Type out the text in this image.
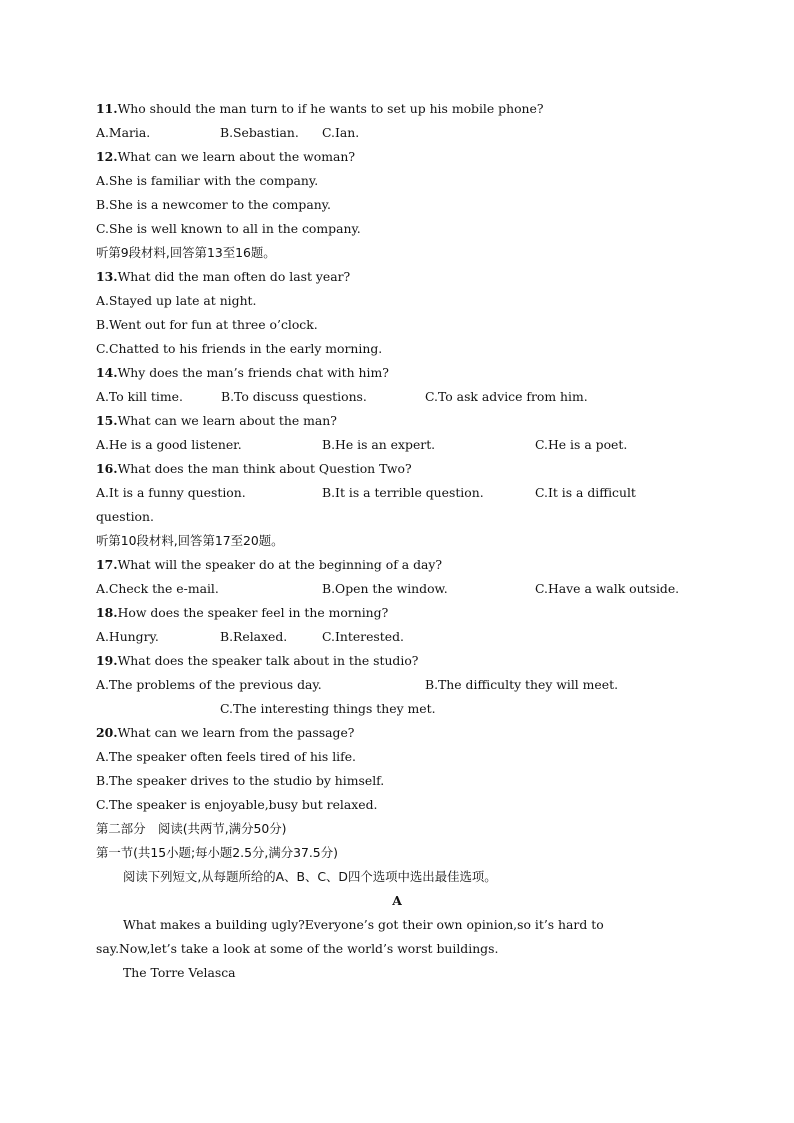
11.Who should the man turn to if he wants to set up his mobile phone?
A.Maria.	B.Sebastian. C.Ian.
12.What can we learn about the woman?
A.She is familiar with the company.
B.She is a newcomer to the company.
C.She is well known to all in the company.
听第9段材料,回答第13至16题。
13.What did the man often do last year?
A.Stayed up late at night.
B.Went out for fun at three o’clock.
C.Chatted to his friends in the early morning.
14.Why does the man’s friends chat with him?
A.To kill time.	B.To discuss questions.	C.To ask advice from him.
15.What can we learn about the man?
A.He is a good listener.	B.He is an expert.	C.He is a poet.
16.What does the man think about Question Two?
A.It is a funny question.	B.It is a terrible question.	C.It is a difficult
question.
听第10段材料,回答第17至20题。
17.What will the speaker do at the beginning of a day?
A.Check the e-mail.	B.Open the window.	C.Have a walk outside.
18.How does the speaker feel in the morning?
A.Hungry.	B.Relaxed.	C.Interested.
19.What does the speaker talk about in the studio?
A.The problems of the previous day.	B.The difficulty they will meet.
C.The interesting things they met.
20.What can we learn from the passage?
A.The speaker often feels tired of his life.
B.The speaker drives to the studio by himself.
C.The speaker is enjoyable,busy but relaxed.
第二部分　阅读(共两节,满分50分)
第一节(共15小题;每小题2.5分,满分37.5分)
阅读下列短文,从每题所给的A、B、C、D四个选项中选出最佳选项。
A
What makes a building ugly?Everyone’s got their own opinion,so it’s hard to
say.Now,let’s take a look at some of the world’s worst buildings.
The Torre Velasca
